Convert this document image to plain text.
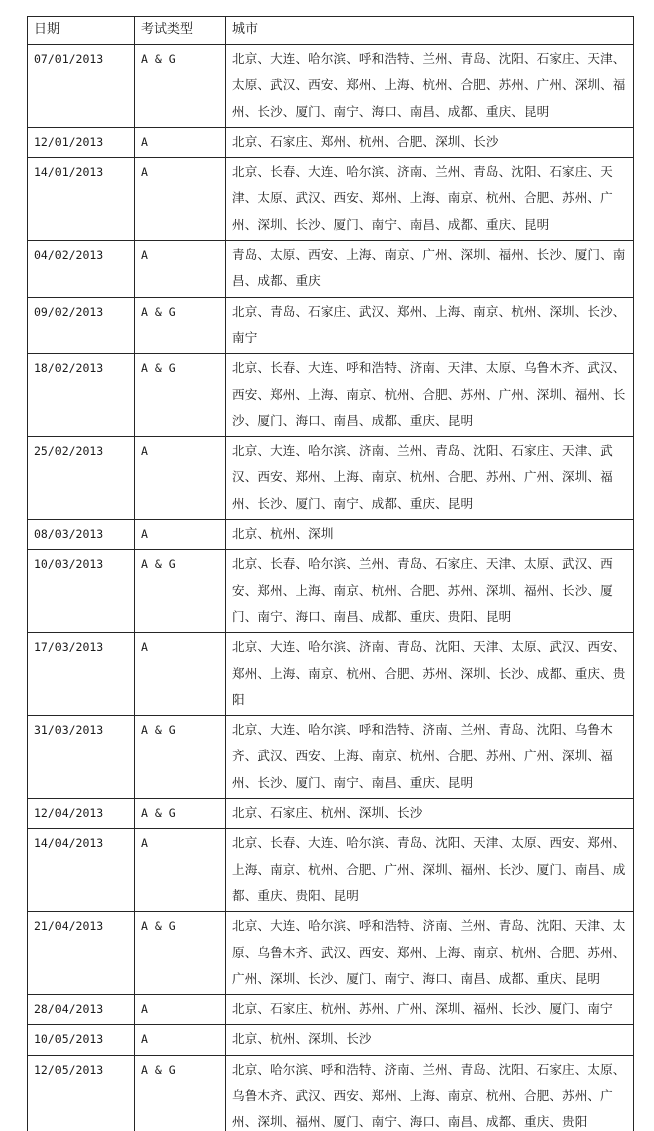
日期	考试类型	城市
07/01/2013	A & G	北京、大连、哈尔滨、呼和浩特、兰州、青岛、沈阳、石家庄、天津、太原、武汉、西安、郑州、上海、杭州、合肥、苏州、广州、深圳、福州、长沙、厦门、南宁、海口、南昌、成都、重庆、昆明
12/01/2013	A	北京、石家庄、郑州、杭州、合肥、深圳、长沙
14/01/2013	A	北京、长春、大连、哈尔滨、济南、兰州、青岛、沈阳、石家庄、天津、太原、武汉、西安、郑州、上海、南京、杭州、合肥、苏州、广州、深圳、长沙、厦门、南宁、南昌、成都、重庆、昆明
04/02/2013	A	青岛、太原、西安、上海、南京、广州、深圳、福州、长沙、厦门、南昌、成都、重庆
09/02/2013	A & G	北京、青岛、石家庄、武汉、郑州、上海、南京、杭州、深圳、长沙、南宁
18/02/2013	A & G	北京、长春、大连、呼和浩特、济南、天津、太原、乌鲁木齐、武汉、西安、郑州、上海、南京、杭州、合肥、苏州、广州、深圳、福州、长沙、厦门、海口、南昌、成都、重庆、昆明
25/02/2013	A	北京、大连、哈尔滨、济南、兰州、青岛、沈阳、石家庄、天津、武汉、西安、郑州、上海、南京、杭州、合肥、苏州、广州、深圳、福州、长沙、厦门、南宁、成都、重庆、昆明
08/03/2013	A	北京、杭州、深圳
10/03/2013	A & G	北京、长春、哈尔滨、兰州、青岛、石家庄、天津、太原、武汉、西安、郑州、上海、南京、杭州、合肥、苏州、深圳、福州、长沙、厦门、南宁、海口、南昌、成都、重庆、贵阳、昆明
17/03/2013	A	北京、大连、哈尔滨、济南、青岛、沈阳、天津、太原、武汉、西安、郑州、上海、南京、杭州、合肥、苏州、深圳、长沙、成都、重庆、贵阳
31/03/2013	A & G	北京、大连、哈尔滨、呼和浩特、济南、兰州、青岛、沈阳、乌鲁木齐、武汉、西安、上海、南京、杭州、合肥、苏州、广州、深圳、福州、长沙、厦门、南宁、南昌、重庆、昆明
12/04/2013	A & G	北京、石家庄、杭州、深圳、长沙
14/04/2013	A	北京、长春、大连、哈尔滨、青岛、沈阳、天津、太原、西安、郑州、上海、南京、杭州、合肥、广州、深圳、福州、长沙、厦门、南昌、成都、重庆、贵阳、昆明
21/04/2013	A & G	北京、大连、哈尔滨、呼和浩特、济南、兰州、青岛、沈阳、天津、太原、乌鲁木齐、武汉、西安、郑州、上海、南京、杭州、合肥、苏州、广州、深圳、长沙、厦门、南宁、海口、南昌、成都、重庆、昆明
28/04/2013	A	北京、石家庄、杭州、苏州、广州、深圳、福州、长沙、厦门、南宁
10/05/2013	A	北京、杭州、深圳、长沙
12/05/2013	A & G	北京、哈尔滨、呼和浩特、济南、兰州、青岛、沈阳、石家庄、太原、乌鲁木齐、武汉、西安、郑州、上海、南京、杭州、合肥、苏州、广州、深圳、福州、厦门、南宁、海口、南昌、成都、重庆、贵阳
